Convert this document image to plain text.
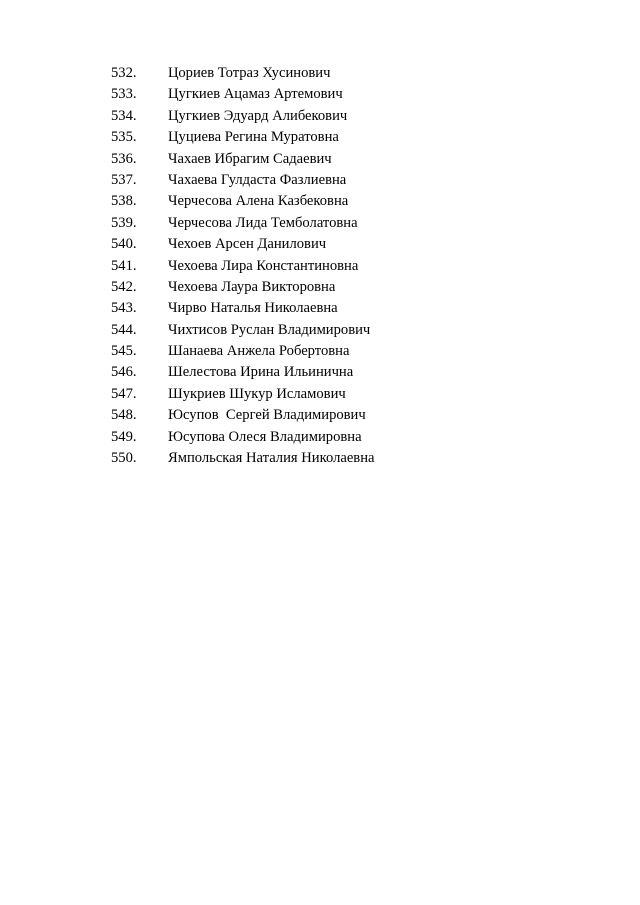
532.	Цориев Тотраз Хусинович
533.	Цугкиев Ацамаз Артемович
534.	Цугкиев Эдуард Алибекович
535.	Цуциева Регина Муратовна
536.	Чахаев Ибрагим Садаевич
537.	Чахаева Гулдаста Фазлиевна
538.	Черчесова Алена Казбековна
539.	Черчесова Лида Темболатовна
540.	Чехоев Арсен Данилович
541.	Чехоева Лира Константиновна
542.	Чехоева Лаура Викторовна
543.	Чирво Наталья Николаевна
544.	Чихтисов Руслан Владимирович
545.	Шанаева Анжела Робертовна
546.	Шелестова Ирина Ильинична
547.	Шукриев Шукур Исламович
548.	Юсупов  Сергей Владимирович
549.	Юсупова Олеся Владимировна
550.	Ямпольская Наталия Николаевна
